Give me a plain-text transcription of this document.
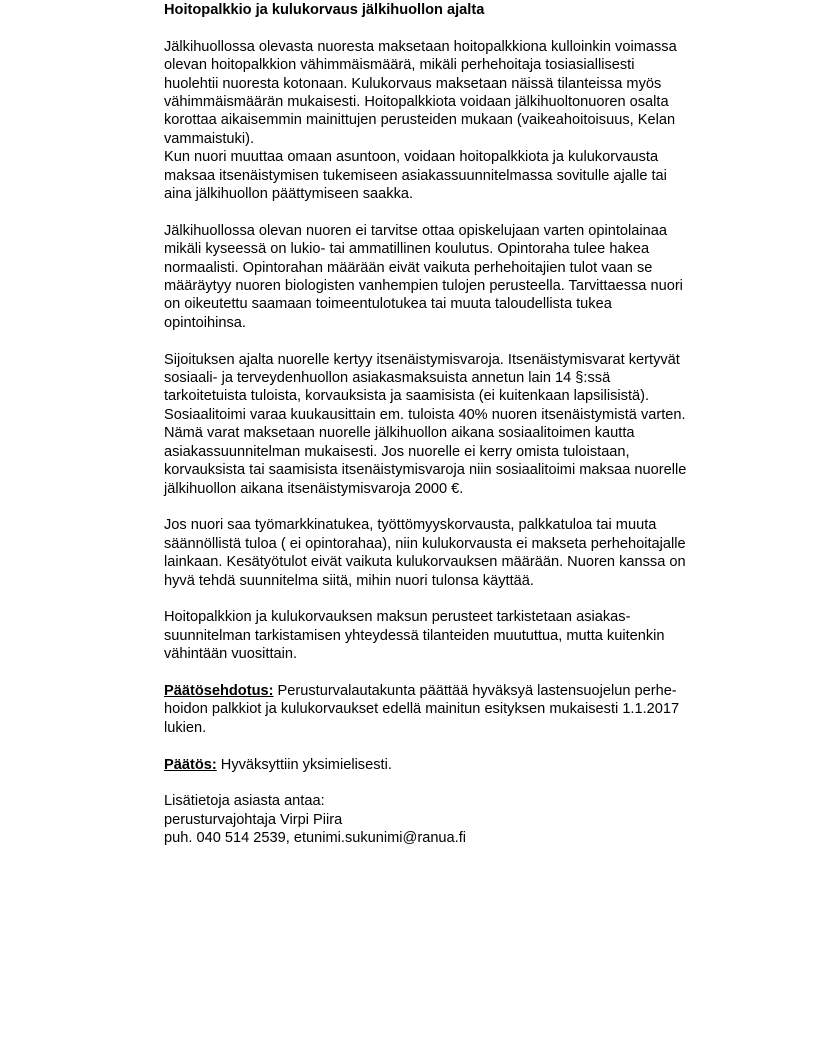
Hoitopalkkio ja kulukorvaus jälkihuollon ajalta
Jälkihuollossa olevasta nuoresta maksetaan hoitopalkkiona kulloinkin voimassa
olevan hoitopalkkion vähimmäismäärä, mikäli perhehoitaja tosiasiallisesti
huolehtii nuoresta kotonaan. Kulukorvaus maksetaan näissä tilanteissa myös
vähimmäismäärän mukaisesti. Hoitopalkkiota voidaan jälkihuoltonuoren osalta
korottaa aikaisemmin mainittujen perusteiden mukaan (vaikeahoitoisuus, Kelan
vammaistuki).
Kun nuori muuttaa omaan asuntoon, voidaan hoitopalkkiota ja kulukorvausta
maksaa itsenäistymisen tukemiseen asiakassuunnitelmassa sovitulle ajalle tai
aina jälkihuollon päättymiseen saakka.
Jälkihuollossa olevan nuoren ei tarvitse ottaa opiskelujaan varten opintolainaa
mikäli kyseessä on lukio- tai ammatillinen koulutus. Opintoraha tulee hakea
normaalisti. Opintorahan määrään eivät vaikuta perhehoitajien tulot vaan se
määräytyy nuoren biologisten vanhempien tulojen perusteella. Tarvittaessa nuori
on oikeutettu saamaan toimeentulotukea tai muuta taloudellista tukea
opintoihinsa.
Sijoituksen ajalta nuorelle kertyy itsenäistymisvaroja. Itsenäistymisvarat kertyvät
sosiaali- ja terveydenhuollon asiakasmaksuista annetun lain 14 §:ssä
tarkoitetuista tuloista, korvauksista ja saamisista (ei kuitenkaan lapsilisistä).
Sosiaalitoimi varaa kuukausittain em. tuloista 40% nuoren itsenäistymistä varten.
Nämä varat maksetaan nuorelle jälkihuollon aikana sosiaalitoimen kautta
asiakassuunnitelman mukaisesti. Jos nuorelle ei kerry omista tuloistaan,
korvauksista tai saamisista itsenäistymisvaroja niin sosiaalitoimi maksaa nuorelle
jälkihuollon aikana itsenäistymisvaroja 2000 €.
Jos nuori saa työmarkkinatukea, työttömyyskorvausta, palkkatuloa tai muuta
säännöllistä tuloa ( ei opintorahaa), niin kulukorvausta ei makseta perhehoitajalle
lainkaan. Kesätyötulot eivät vaikuta kulukorvauksen määrään. Nuoren kanssa on
hyvä tehdä suunnitelma siitä, mihin nuori tulonsa käyttää.
Hoitopalkkion ja kulukorvauksen maksun perusteet tarkistetaan asiakas-
suunnitelman tarkistamisen yhteydessä tilanteiden muututtua, mutta kuitenkin
vähintään vuosittain.
Päätösehdotus: Perusturvalautakunta päättää hyväksyä lastensuojelun perhe-
hoidon palkkiot ja kulukorvaukset edellä mainitun esityksen mukaisesti 1.1.2017
lukien.
Päätös: Hyväksyttiin yksimielisesti.
Lisätietoja asiasta antaa:
perusturvajohtaja Virpi Piira
puh. 040 514 2539, etunimi.sukunimi@ranua.fi
